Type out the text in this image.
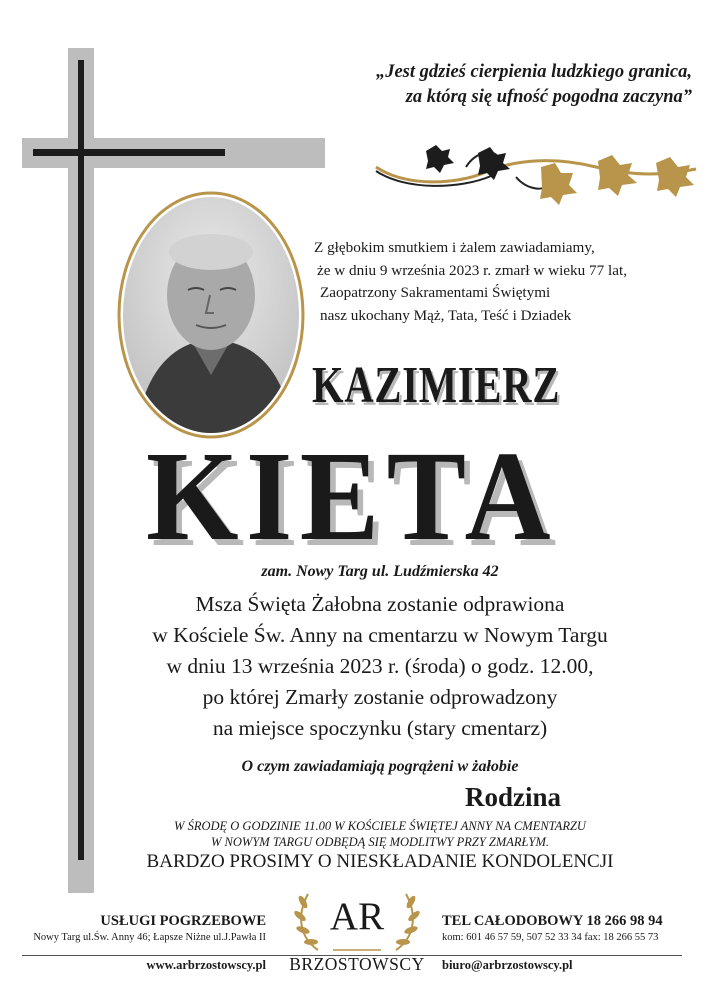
„Jest gdzieś cierpienia ludzkiego granica,
za którą się ufność pogodna zaczyna”
Z głębokim smutkiem i żalem zawiadamiamy,
że w dniu 9 września 2023 r. zmarł w wieku 77 lat,
Zaopatrzony Sakramentami Świętymi
nasz ukochany Mąż, Tata, Teść i Dziadek
KAZIMIERZ
KIETA
zam. Nowy Targ ul. Ludźmierska 42
Msza Święta Żałobna zostanie odprawiona
w Kościele Św. Anny na cmentarzu w Nowym Targu
w dniu 13 września 2023 r. (środa) o godz. 12.00,
po której Zmarły zostanie odprowadzony
na miejsce spoczynku (stary cmentarz)
O czym zawiadamiają pogrążeni w żałobie
Rodzina
W ŚRODĘ O GODZINIE 11.00 W KOŚCIELE ŚWIĘTEJ ANNY NA CMENTARZU
W NOWYM TARGU ODBĘDĄ SIĘ MODLITWY PRZY ZMARŁYM.
BARDZO PROSIMY O NIESKŁADANIE KONDOLENCJI
USŁUGI POGRZEBOWE
Nowy Targ ul.Św. Anny 46; Łapsze Niżne ul.J.Pawła II
www.arbrzostowscy.pl
AR
BRZOSTOWSCY
TEL CAŁODOBOWY 18 266 98 94
kom: 601 46 57 59, 507 52 33 34 fax: 18 266 55 73
biuro@arbrzostowscy.pl
